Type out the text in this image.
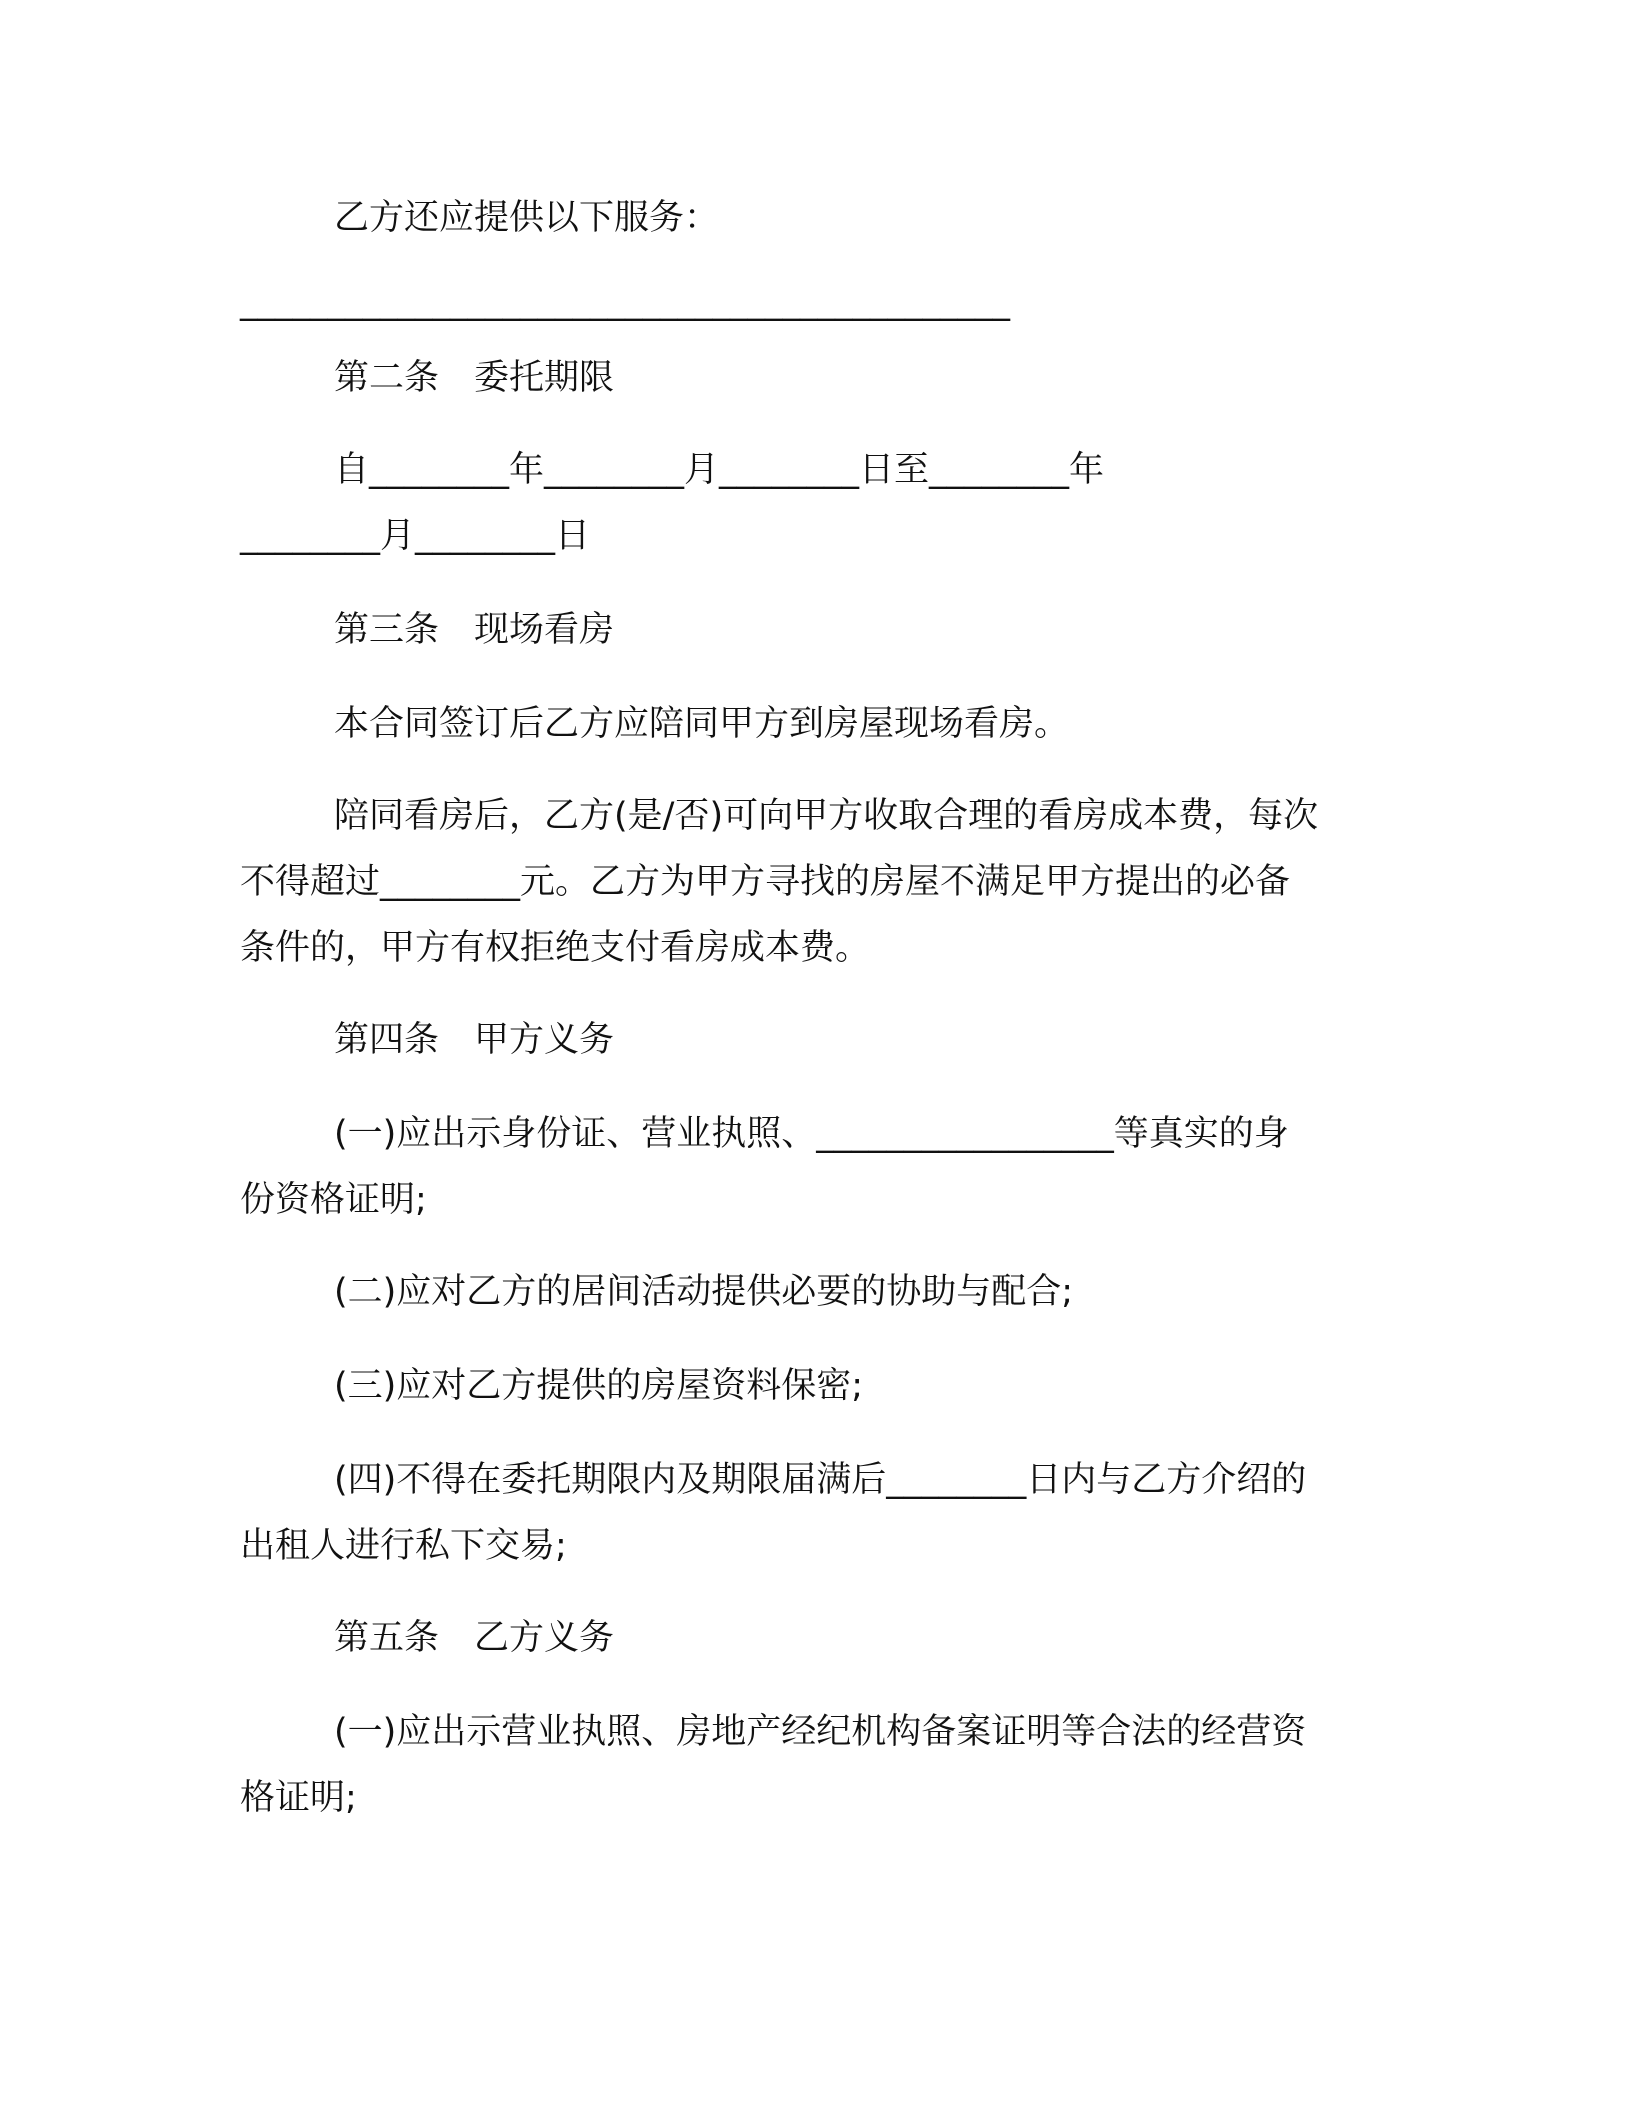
乙方还应提供以下服务：
____________________________________________
第二条　委托期限
自________年________月________日至________年
________月________日
第三条　现场看房
本合同签订后乙方应陪同甲方到房屋现场看房。
陪同看房后，乙方(是/否)可向甲方收取合理的看房成本费，每次
不得超过________元。乙方为甲方寻找的房屋不满足甲方提出的必备
条件的，甲方有权拒绝支付看房成本费。
第四条　甲方义务
(一)应出示身份证、营业执照、_________________等真实的身
份资格证明;
(二)应对乙方的居间活动提供必要的协助与配合;
(三)应对乙方提供的房屋资料保密;
(四)不得在委托期限内及期限届满后________日内与乙方介绍的
出租人进行私下交易;
第五条　乙方义务
(一)应出示营业执照、房地产经纪机构备案证明等合法的经营资
格证明;
